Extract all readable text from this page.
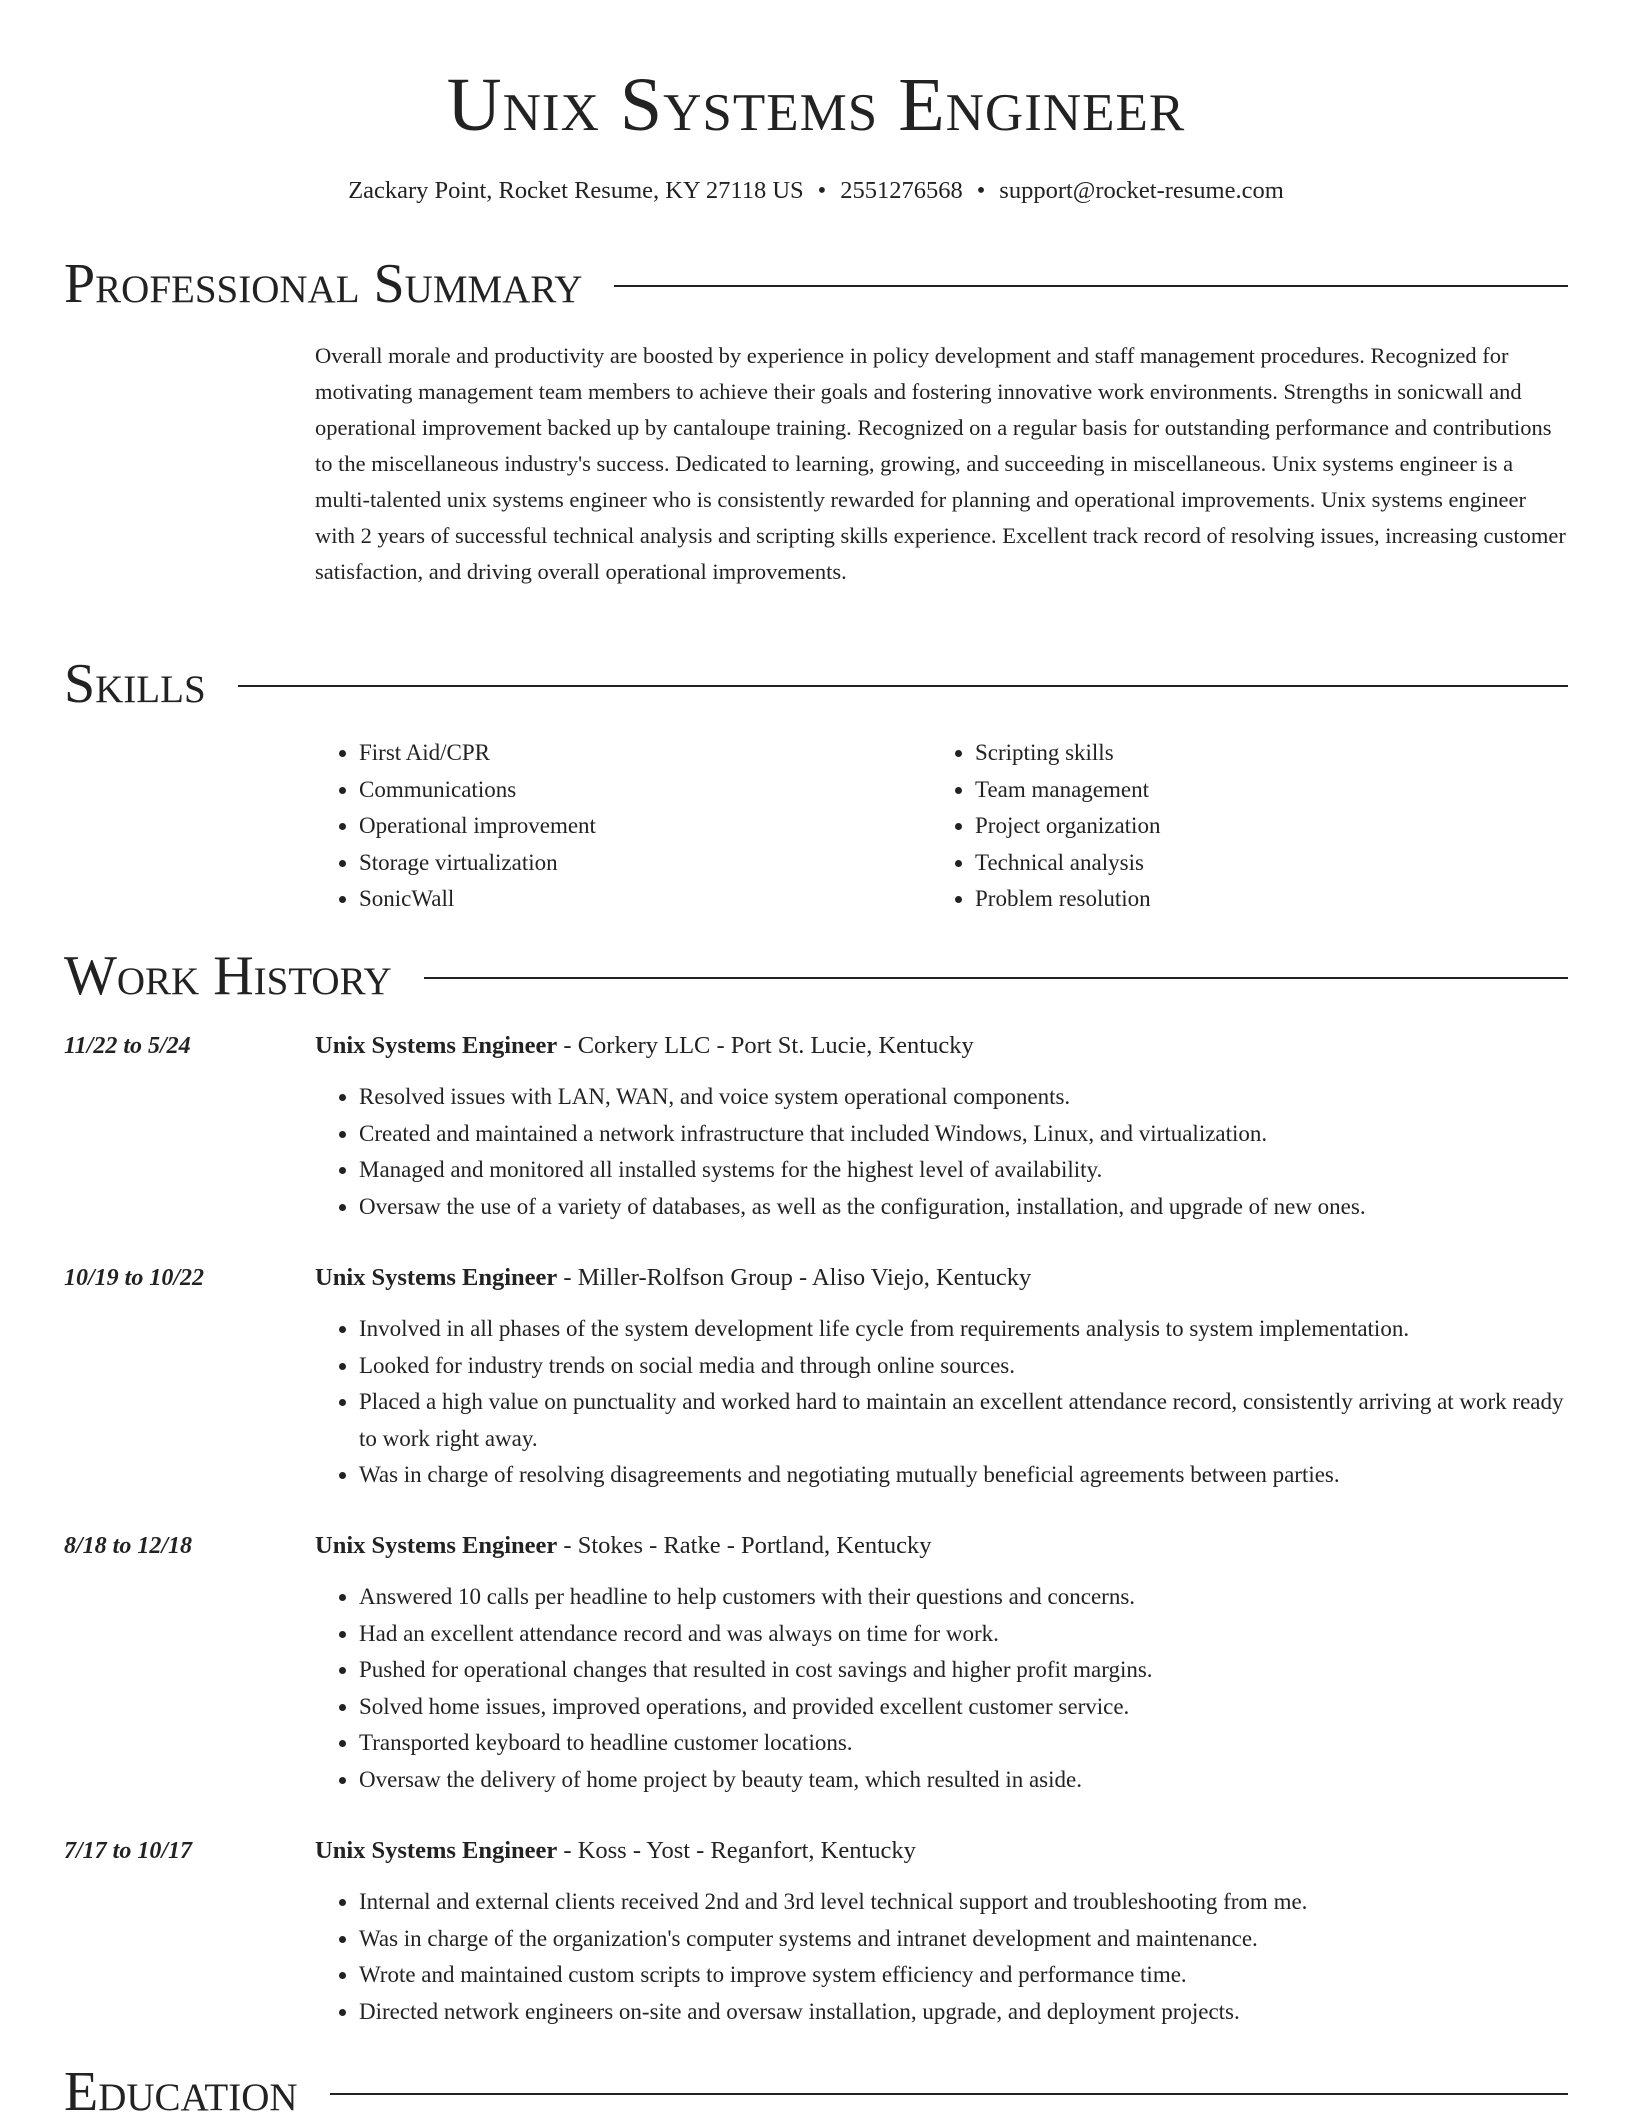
Unix Systems Engineer
Zackary Point, Rocket Resume, KY 27118 US • 2551276568 • support@rocket-resume.com
Professional Summary

Overall morale and productivity are boosted by experience in policy development and staff management procedures. Recognized for motivating management team members to achieve their goals and fostering innovative work environments. Strengths in sonicwall and operational improvement backed up by cantaloupe training. Recognized on a regular basis for outstanding performance and contributions to the miscellaneous industry's success. Dedicated to learning, growing, and succeeding in miscellaneous. Unix systems engineer is a multi-talented unix systems engineer who is consistently rewarded for planning and operational improvements. Unix systems engineer with 2 years of successful technical analysis and scripting skills experience. Excellent track record of resolving issues, increasing customer satisfaction, and driving overall operational improvements.

Skills
• First Aid/CPR
• Communications
• Operational improvement
• Storage virtualization
• SonicWall
• Scripting skills
• Team management
• Project organization
• Technical analysis
• Problem resolution
Work History
11/22 to 5/24	Unix Systems Engineer - Corkery LLC - Port St. Lucie, Kentucky
• Resolved issues with LAN, WAN, and voice system operational components.
• Created and maintained a network infrastructure that included Windows, Linux, and virtualization.
• Managed and monitored all installed systems for the highest level of availability.
• Oversaw the use of a variety of databases, as well as the configuration, installation, and upgrade of new ones.
10/19 to 10/22	Unix Systems Engineer - Miller-Rolfson Group - Aliso Viejo, Kentucky
• Involved in all phases of the system development life cycle from requirements analysis to system implementation.
• Looked for industry trends on social media and through online sources.
• Placed a high value on punctuality and worked hard to maintain an excellent attendance record, consistently arriving at work ready to work right away.
• Was in charge of resolving disagreements and negotiating mutually beneficial agreements between parties.
8/18 to 12/18	Unix Systems Engineer - Stokes - Ratke - Portland, Kentucky
• Answered 10 calls per headline to help customers with their questions and concerns.
• Had an excellent attendance record and was always on time for work.
• Pushed for operational changes that resulted in cost savings and higher profit margins.
• Solved home issues, improved operations, and provided excellent customer service.
• Transported keyboard to headline customer locations.
• Oversaw the delivery of home project by beauty team, which resulted in aside.
7/17 to 10/17	Unix Systems Engineer - Koss - Yost - Reganfort, Kentucky
• Internal and external clients received 2nd and 3rd level technical support and troubleshooting from me.
• Was in charge of the organization's computer systems and intranet development and maintenance.
• Wrote and maintained custom scripts to improve system efficiency and performance time.
• Directed network engineers on-site and oversaw installation, upgrade, and deployment projects.
Education
